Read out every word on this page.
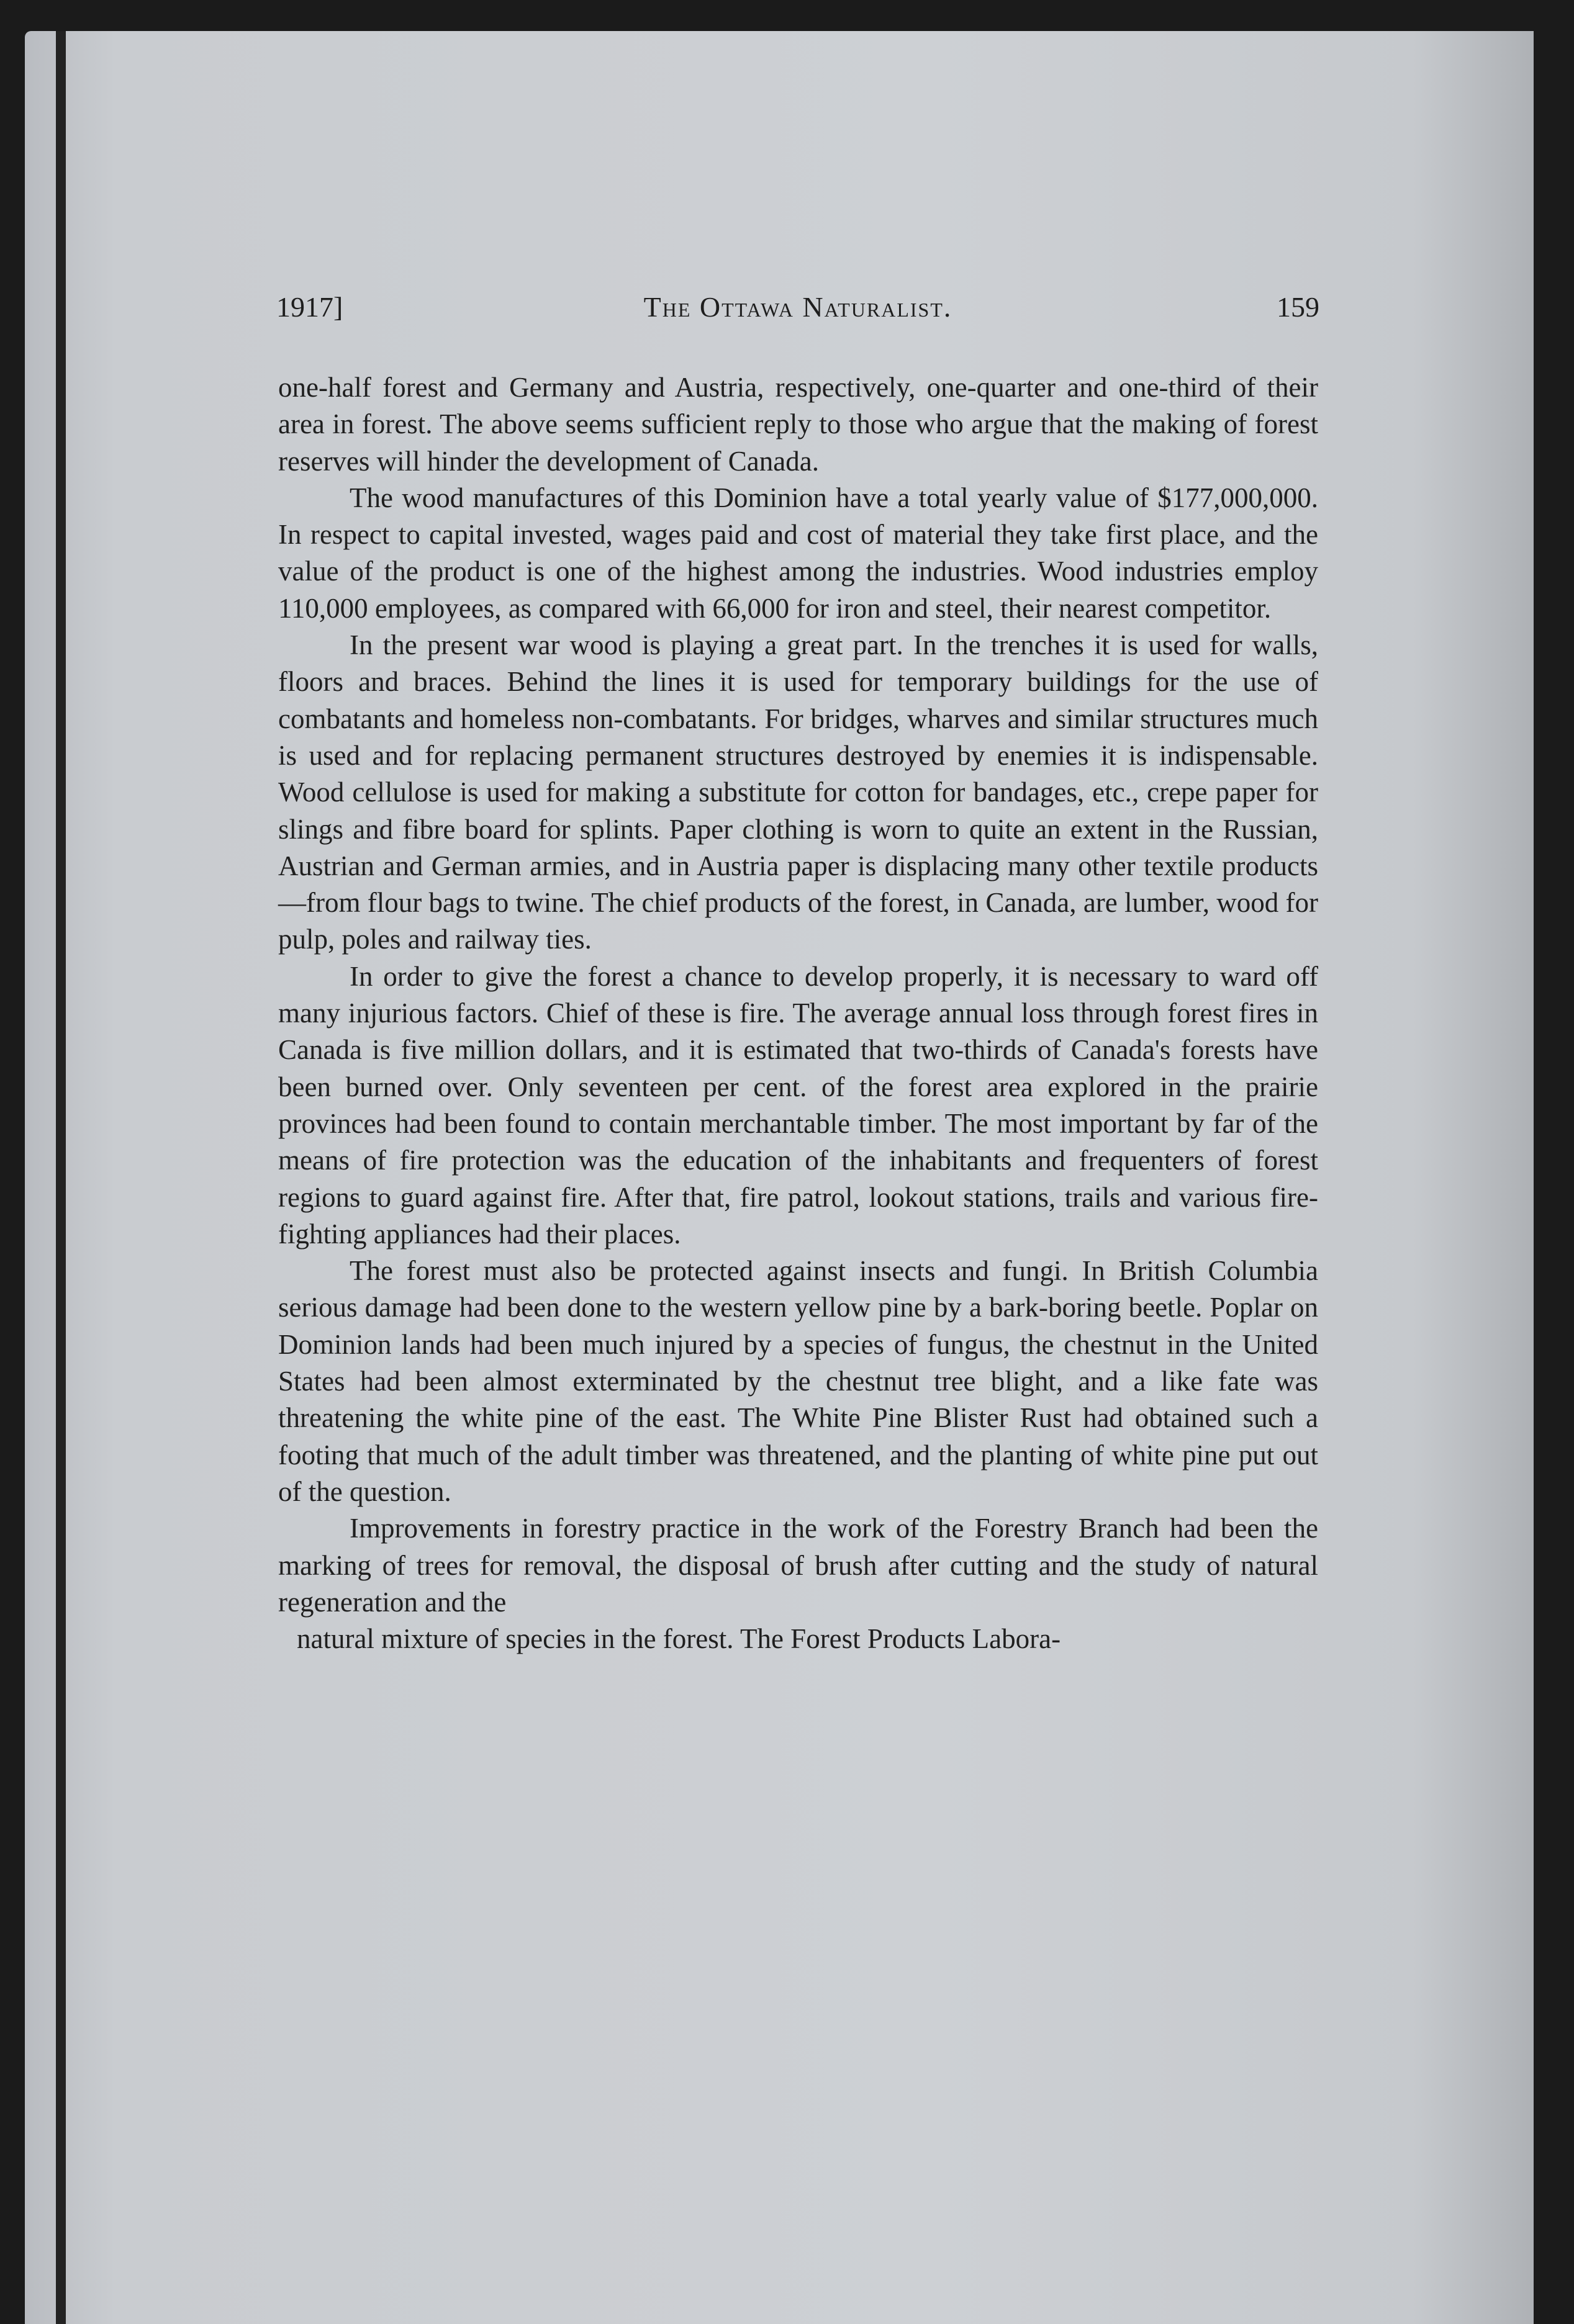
1917]	The Ottawa Naturalist.	159

one-half forest and Germany and Austria, respectively, one-quarter and one-third of their area in forest. The above seems sufficient reply to those who argue that the making of forest reserves will hinder the development of Canada.

The wood manufactures of this Dominion have a total yearly value of $177,000,000. In respect to capital invested, wages paid and cost of material they take first place, and the value of the product is one of the highest among the industries. Wood industries employ 110,000 employees, as compared with 66,000 for iron and steel, their nearest competitor.

In the present war wood is playing a great part. In the trenches it is used for walls, floors and braces. Behind the lines it is used for temporary buildings for the use of combatants and homeless non-combatants. For bridges, wharves and similar structures much is used and for replacing permanent structures destroyed by enemies it is indispensable. Wood cellulose is used for making a substitute for cotton for bandages, etc., crepe paper for slings and fibre board for splints. Paper clothing is worn to quite an extent in the Russian, Austrian and German armies, and in Austria paper is displacing many other textile products—from flour bags to twine. The chief products of the forest, in Canada, are lumber, wood for pulp, poles and railway ties.

In order to give the forest a chance to develop properly, it is necessary to ward off many injurious factors. Chief of these is fire. The average annual loss through forest fires in Canada is five million dollars, and it is estimated that two-thirds of Canada's forests have been burned over. Only seventeen per cent. of the forest area explored in the prairie provinces had been found to contain merchantable timber. The most important by far of the means of fire protection was the education of the inhabitants and frequenters of forest regions to guard against fire. After that, fire patrol, lookout stations, trails and various fire-fighting appliances had their places.

The forest must also be protected against insects and fungi. In British Columbia serious damage had been done to the western yellow pine by a bark-boring beetle. Poplar on Dominion lands had been much injured by a species of fungus, the chestnut in the United States had been almost exterminated by the chestnut tree blight, and a like fate was threatening the white pine of the east. The White Pine Blister Rust had obtained such a footing that much of the adult timber was threatened, and the planting of white pine put out of the question.

Improvements in forestry practice in the work of the Forestry Branch had been the marking of trees for removal, the disposal of brush after cutting and the study of natural regeneration and the

natural mixture of species in the forest. The Forest Products Labora-
